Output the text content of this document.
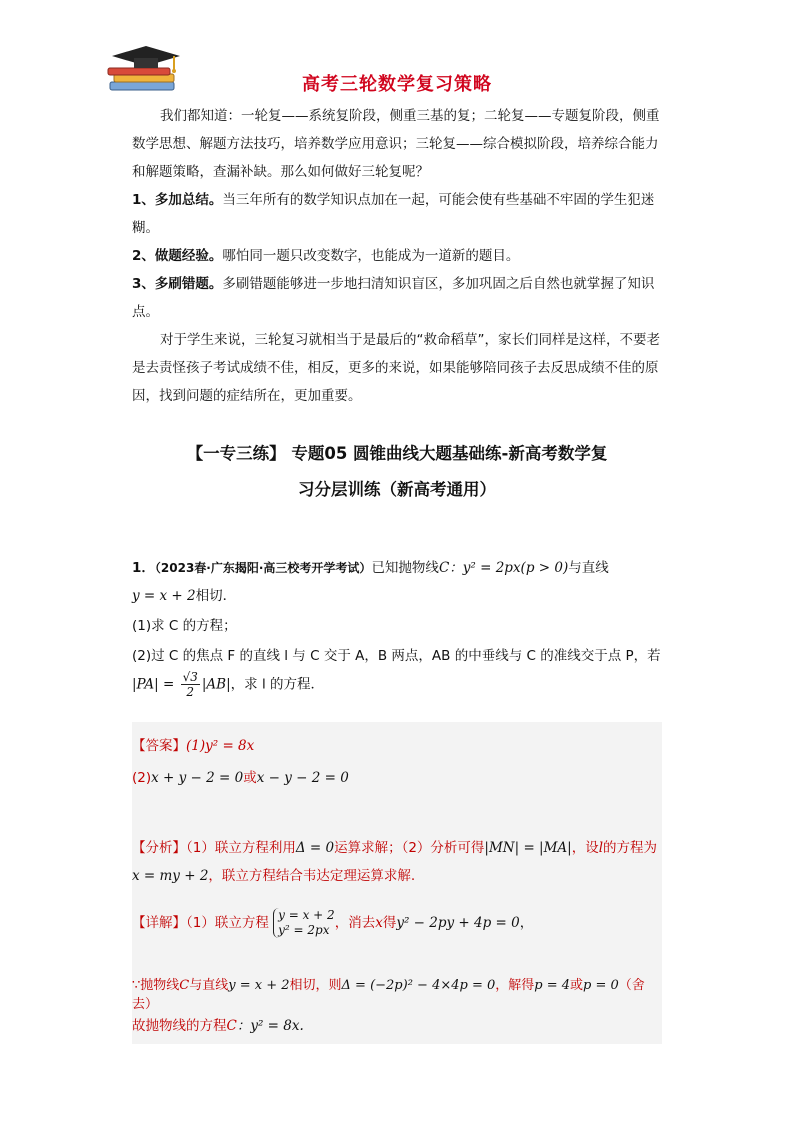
高考三轮数学复习策略

我们都知道：一轮复——系统复阶段，侧重三基的复；二轮复——专题复阶段，侧重数学思想、解题方法技巧，培养数学应用意识；三轮复——综合模拟阶段，培养综合能力和解题策略，查漏补缺。那么如何做好三轮复呢？

1、多加总结。当三年所有的数学知识点加在一起，可能会使有些基础不牢固的学生犯迷糊。

2、做题经验。哪怕同一题只改变数字，也能成为一道新的题目。

3、多刷错题。多刷错题能够进一步地扫清知识盲区，多加巩固之后自然也就掌握了知识点。

对于学生来说，三轮复习就相当于是最后的“救命稻草”，家长们同样是这样，不要老是去责怪孩子考试成绩不佳，相反，更多的来说，如果能够陪同孩子去反思成绩不佳的原因，找到问题的症结所在，更加重要。

【一专三练】 专题05 圆锥曲线大题基础练-新高考数学复
习分层训练（新高考通用）

1．（2023春·广东揭阳·高三校考开学考试）已知抛物线C：y² = 2px(p > 0)与直线
y = x + 2相切．

(1)求 C 的方程；

(2)过 C 的焦点 F 的直线 l 与 C 交于 A，B 两点，AB 的中垂线与 C 的准线交于点 P，若
$|PA| = \frac{√3}{2} |AB|$，求 l 的方程．

【答案】(1)y² = 8x
(2)x + y − 2 = 0或x − y − 2 = 0
【分析】（1）联立方程利用Δ = 0运算求解；（2）分析可得|MN| = |MA|，设l的方程为
x = my + 2，联立方程结合韦达定理运算求解.
【详解】（1）联立方程 y = x + 2
y² = 2px ，消去x得y² − 2py + 4p = 0，
∵抛物线C与直线y = x + 2相切，则Δ = (−2p)² − 4×4p = 0，解得p = 4或p = 0（舍去）
故抛物线的方程C：y² = 8x.
